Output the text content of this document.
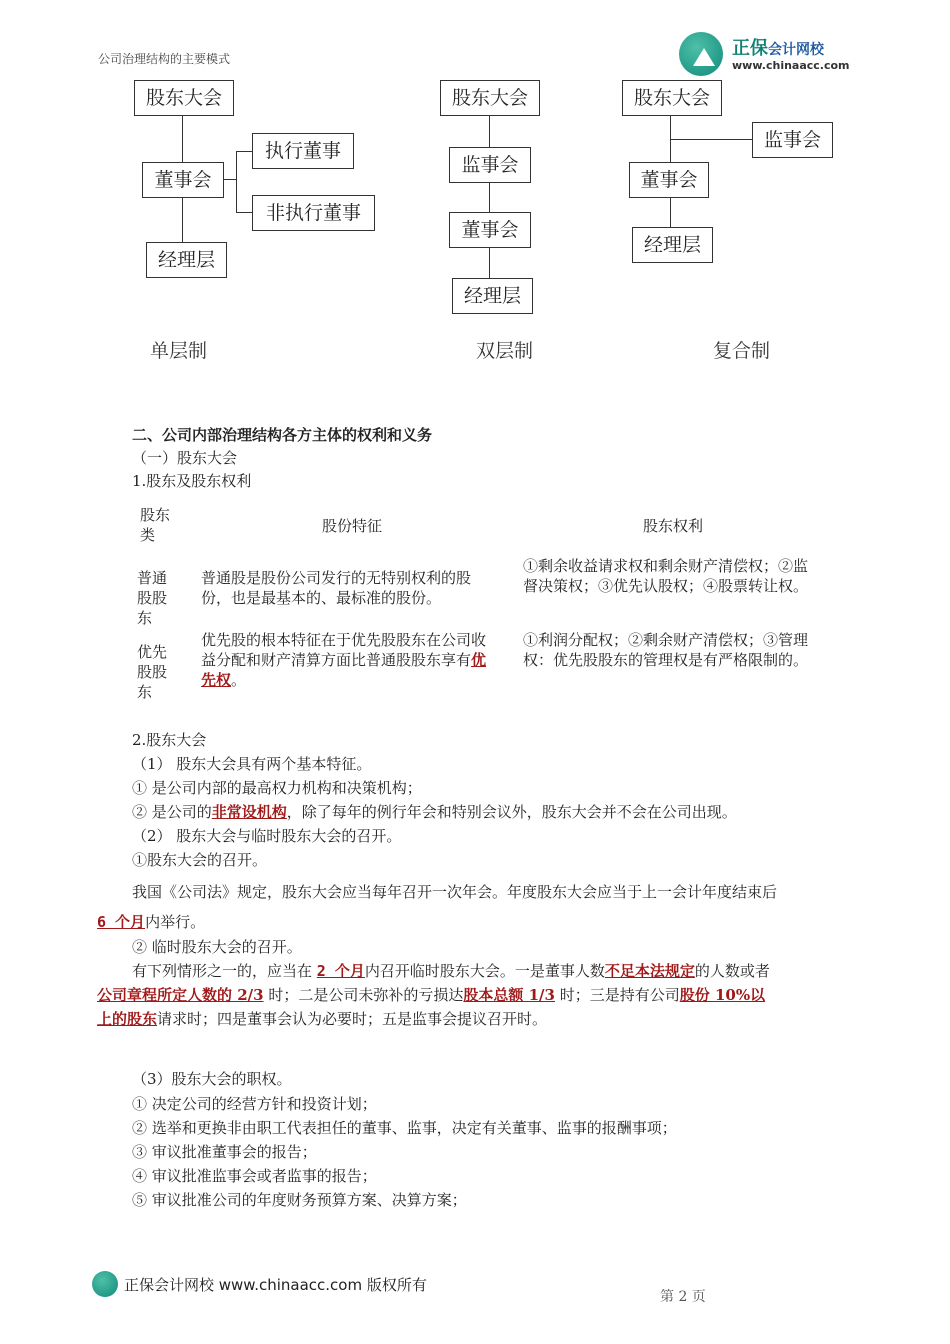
正保会计网校
www.chinaacc.com
公司治理结构的主要模式
股东大会
董事会
执行董事
非执行董事
经理层
单层制
股东大会
监事会
董事会
经理层
双层制
股东大会
监事会
董事会
经理层
复合制
二、公司内部治理结构各方主体的权利和义务
（一）股东大会
1.股东及股东权利
股东类	股份特征	股东权利
普通股股东
普通股是股份公司发行的无特别权利的股份，也是最基本的、最标准的股份。
①剩余收益请求权和剩余财产清偿权；②监督决策权；③优先认股权；④股票转让权。
优先股股东
优先股的根本特征在于优先股股东在公司收益分配和财产清算方面比普通股股东享有优先权。
①利润分配权；②剩余财产清偿权；③管理权：优先股股东的管理权是有严格限制的。
2.股东大会
（1） 股东大会具有两个基本特征。
① 是公司内部的最高权力机构和决策机构；
② 是公司的非常设机构，除了每年的例行年会和特别会议外，股东大会并不会在公司出现。
（2） 股东大会与临时股东大会的召开。
①股东大会的召开。
我国《公司法》规定，股东大会应当每年召开一次年会。年度股东大会应当于上一会计年度结束后
6 个月内举行。
② 临时股东大会的召开。
有下列情形之一的，应当在 2 个月内召开临时股东大会。一是董事人数不足本法规定的人数或者
公司章程所定人数的 2/3 时；二是公司未弥补的亏损达股本总额 1/3 时；三是持有公司股份 10%以
上的股东请求时；四是董事会认为必要时；五是监事会提议召开时。
（3）股东大会的职权。
① 决定公司的经营方针和投资计划；
② 选举和更换非由职工代表担任的董事、监事，决定有关董事、监事的报酬事项；
③ 审议批准董事会的报告；
④ 审议批准监事会或者监事的报告；
⑤ 审议批准公司的年度财务预算方案、决算方案；
正保会计网校 www.chinaacc.com 版权所有
第 2 页
